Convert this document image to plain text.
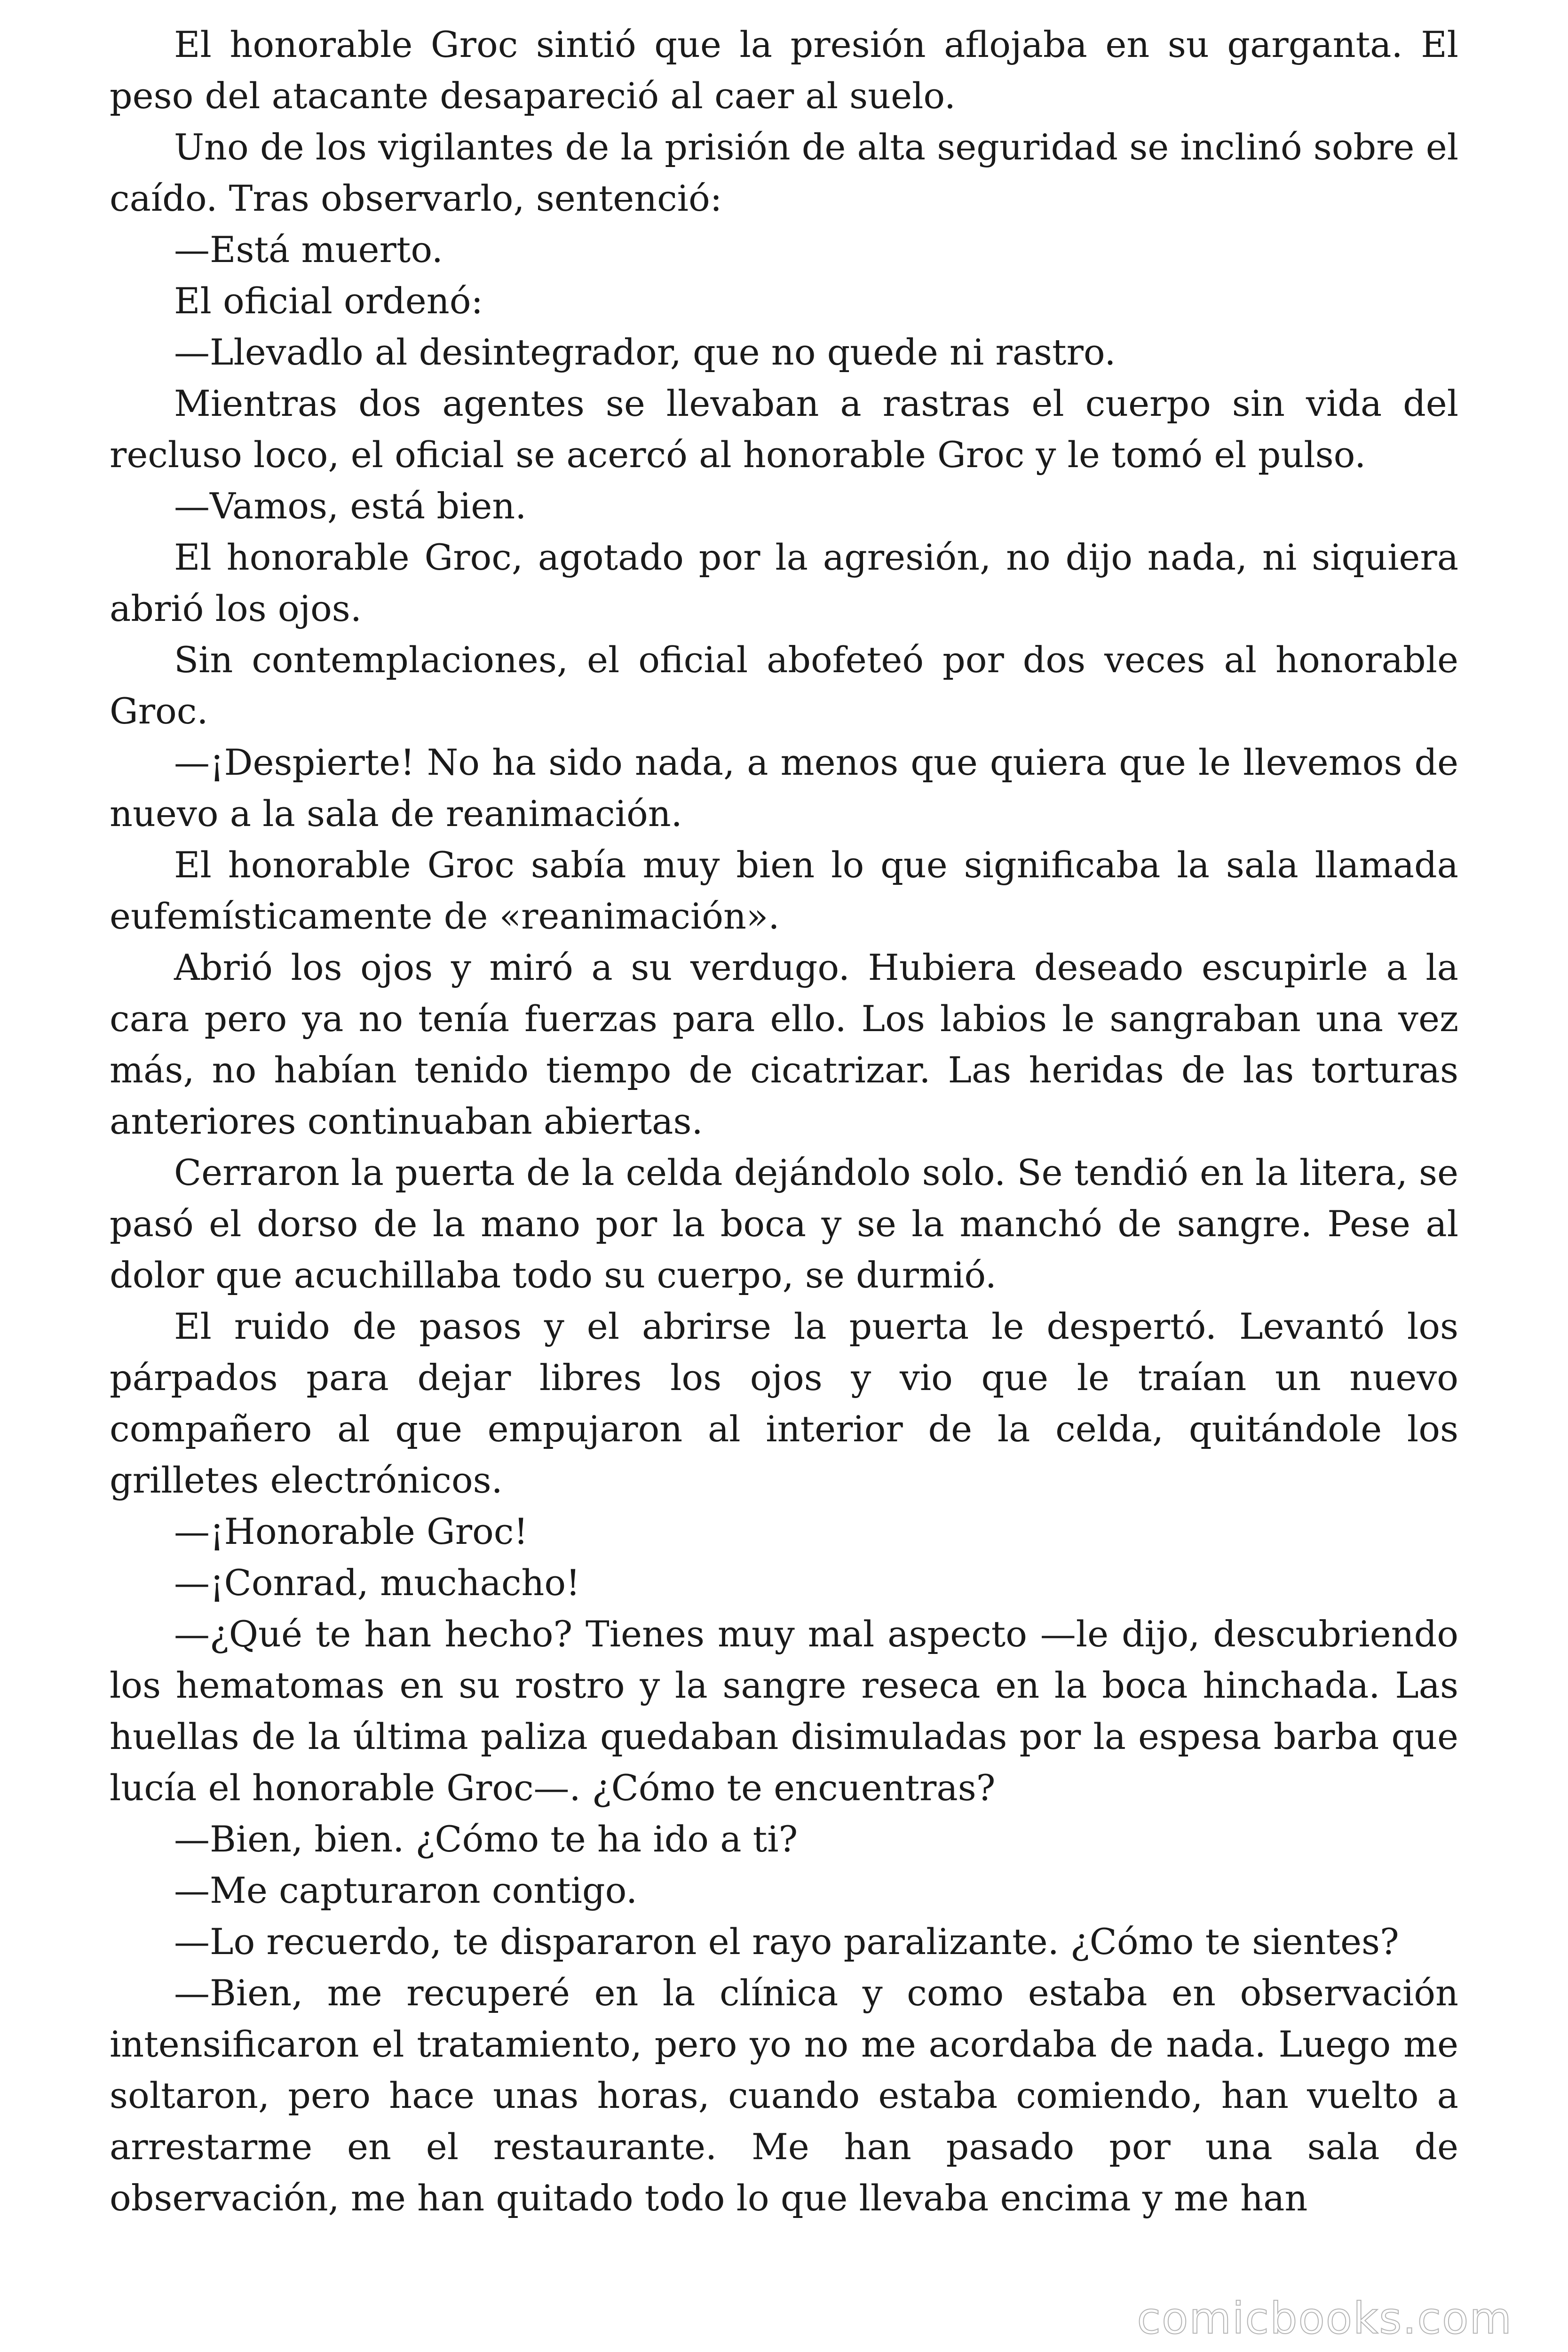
El honorable Groc sintió que la presión aflojaba en su garganta. El peso del atacante desapareció al caer al suelo.

Uno de los vigilantes de la prisión de alta seguridad se inclinó sobre el caído. Tras observarlo, sentenció:

—Está muerto.

El oficial ordenó:

—Llevadlo al desintegrador, que no quede ni rastro.

Mientras dos agentes se llevaban a rastras el cuerpo sin vida del recluso loco, el oficial se acercó al honorable Groc y le tomó el pulso.

—Vamos, está bien.

El honorable Groc, agotado por la agresión, no dijo nada, ni siquiera abrió los ojos.

Sin contemplaciones, el oficial abofeteó por dos veces al honorable Groc.

—¡Despierte! No ha sido nada, a menos que quiera que le llevemos de nuevo a la sala de reanimación.

El honorable Groc sabía muy bien lo que significaba la sala llamada eufemísticamente de «reanimación».

Abrió los ojos y miró a su verdugo. Hubiera deseado escupirle a la cara pero ya no tenía fuerzas para ello. Los labios le sangraban una vez más, no habían tenido tiempo de cicatrizar. Las heridas de las torturas anteriores continuaban abiertas.

Cerraron la puerta de la celda dejándolo solo. Se tendió en la litera, se pasó el dorso de la mano por la boca y se la manchó de sangre. Pese al dolor que acuchillaba todo su cuerpo, se durmió.

El ruido de pasos y el abrirse la puerta le despertó. Levantó los párpados para dejar libres los ojos y vio que le traían un nuevo compañero al que empujaron al interior de la celda, quitándole los grilletes electrónicos.

—¡Honorable Groc!

—¡Conrad, muchacho!

—¿Qué te han hecho? Tienes muy mal aspecto —le dijo, descubriendo los hematomas en su rostro y la sangre reseca en la boca hinchada. Las huellas de la última paliza quedaban disimuladas por la espesa barba que lucía el honorable Groc—. ¿Cómo te encuentras?

—Bien, bien. ¿Cómo te ha ido a ti?

—Me capturaron contigo.

—Lo recuerdo, te dispararon el rayo paralizante. ¿Cómo te sientes?

—Bien, me recuperé en la clínica y como estaba en observación intensificaron el tratamiento, pero yo no me acordaba de nada. Luego me soltaron, pero hace unas horas, cuando estaba comiendo, han vuelto a arrestarme en el restaurante. Me han pasado por una sala de observación, me han quitado todo lo que llevaba encima y me han

comicbooks.com
